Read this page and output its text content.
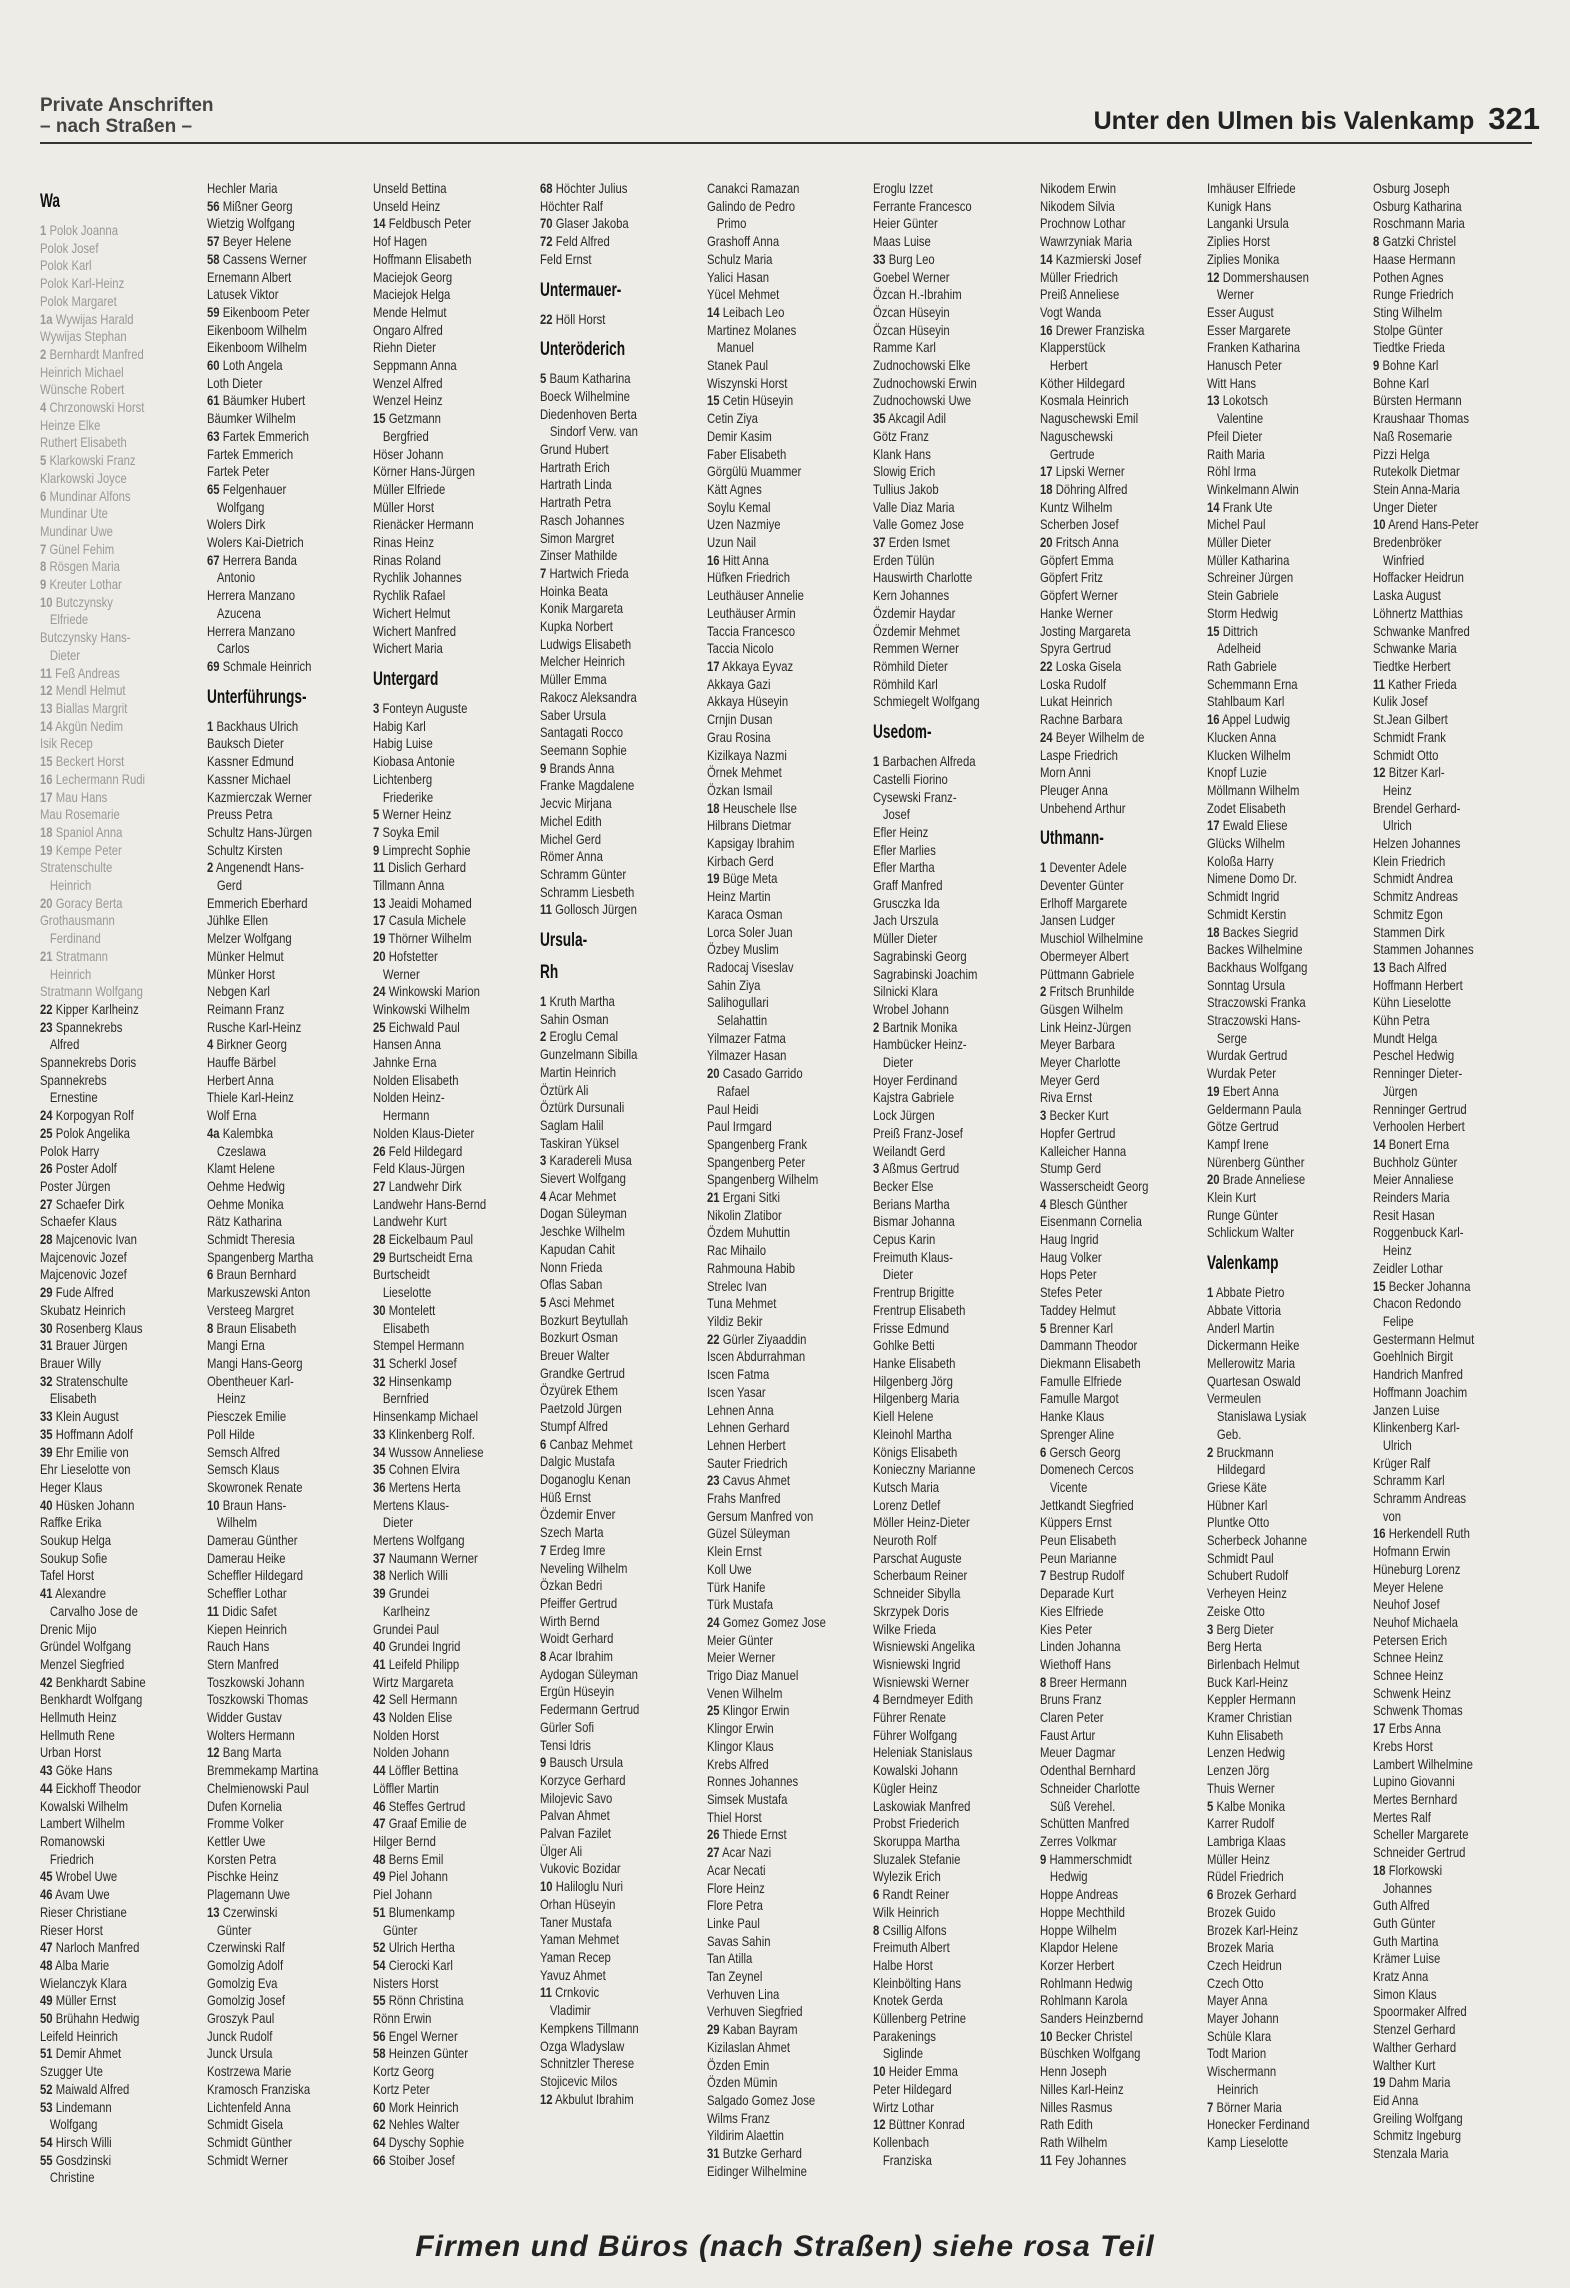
Private Anschriften
– nach Straßen –	Unter den Ulmen bis Valenkamp 321
Wa
1 Polok Joanna
Polok Josef
Polok Karl
Polok Karl-Heinz
Polok Margaret
1a Wywijas Harald
Wywijas Stephan
2 Bernhardt Manfred
Heinrich Michael
Wünsche Robert
4 Chrzonowski Horst
Heinze Elke
Ruthert Elisabeth
5 Klarkowski Franz
Klarkowski Joyce
6 Mundinar Alfons
Mundinar Ute
Mundinar Uwe
7 Günel Fehim
8 Rösgen Maria
9 Kreuter Lothar
10 Butczynsky
Elfriede
Butczynsky Hans-
Dieter
11 Feß Andreas
12 Mendl Helmut
13 Biallas Margrit
14 Akgün Nedim
Isik Recep
15 Beckert Horst
16 Lechermann Rudi
17 Mau Hans
Mau Rosemarie
18 Spaniol Anna
19 Kempe Peter
Stratenschulte
Heinrich
20 Goracy Berta
Grothausmann
Ferdinand
21 Stratmann
Heinrich
Stratmann Wolfgang
22 Kipper Karlheinz
23 Spannekrebs
Alfred
Spannekrebs Doris
Spannekrebs
Ernestine
24 Korpogyan Rolf
25 Polok Angelika
Polok Harry
26 Poster Adolf
Poster Jürgen
27 Schaefer Dirk
Schaefer Klaus
28 Majcenovic Ivan
Majcenovic Jozef
Majcenovic Jozef
29 Fude Alfred
Skubatz Heinrich
30 Rosenberg Klaus
31 Brauer Jürgen
Brauer Willy
32 Stratenschulte
Elisabeth
33 Klein August
35 Hoffmann Adolf
39 Ehr Emilie von
Ehr Lieselotte von
Heger Klaus
40 Hüsken Johann
Raffke Erika
Soukup Helga
Soukup Sofie
Tafel Horst
41 Alexandre
Carvalho Jose de
Drenic Mijo
Gründel Wolfgang
Menzel Siegfried
42 Benkhardt Sabine
Benkhardt Wolfgang
Hellmuth Heinz
Hellmuth Rene
Urban Horst
43 Göke Hans
44 Eickhoff Theodor
Kowalski Wilhelm
Lambert Wilhelm
Romanowski
Friedrich
45 Wrobel Uwe
46 Avam Uwe
Rieser Christiane
Rieser Horst
47 Narloch Manfred
48 Alba Marie
Wielanczyk Klara
49 Müller Ernst
50 Brühahn Hedwig
Leifeld Heinrich
51 Demir Ahmet
Szugger Ute
52 Maiwald Alfred
53 Lindemann
Wolfgang
54 Hirsch Willi
55 Gosdzinski
Christine
Hechler Maria
56 Mißner Georg
Wietzig Wolfgang
57 Beyer Helene
58 Cassens Werner
Ernemann Albert
Latusek Viktor
59 Eikenboom Peter
Eikenboom Wilhelm
Eikenboom Wilhelm
60 Loth Angela
Loth Dieter
61 Bäumker Hubert
Bäumker Wilhelm
63 Fartek Emmerich
Fartek Emmerich
Fartek Peter
65 Felgenhauer
Wolfgang
Wolers Dirk
Wolers Kai-Dietrich
67 Herrera Banda
Antonio
Herrera Manzano
Azucena
Herrera Manzano
Carlos
69 Schmale Heinrich
Unterführungs-
1 Backhaus Ulrich
Bauksch Dieter
Kassner Edmund
Kassner Michael
Kazmierczak Werner
Preuss Petra
Schultz Hans-Jürgen
Schultz Kirsten
2 Angenendt Hans-
Gerd
Emmerich Eberhard
Jühlke Ellen
Melzer Wolfgang
Münker Helmut
Münker Horst
Nebgen Karl
Reimann Franz
Rusche Karl-Heinz
4 Birkner Georg
Hauffe Bärbel
Herbert Anna
Thiele Karl-Heinz
Wolf Erna
4a Kalembka
Czeslawa
Klamt Helene
Oehme Hedwig
Oehme Monika
Rätz Katharina
Schmidt Theresia
Spangenberg Martha
6 Braun Bernhard
Markuszewski Anton
Versteeg Margret
8 Braun Elisabeth
Mangi Erna
Mangi Hans-Georg
Obentheuer Karl-
Heinz
Piesczek Emilie
Poll Hilde
Semsch Alfred
Semsch Klaus
Skowronek Renate
10 Braun Hans-
Wilhelm
Damerau Günther
Damerau Heike
Scheffler Hildegard
Scheffler Lothar
11 Didic Safet
Kiepen Heinrich
Rauch Hans
Stern Manfred
Toszkowski Johann
Toszkowski Thomas
Widder Gustav
Wolters Hermann
12 Bang Marta
Bremmekamp Martina
Chelmienowski Paul
Dufen Kornelia
Fromme Volker
Kettler Uwe
Korsten Petra
Pischke Heinz
Plagemann Uwe
13 Czerwinski
Günter
Czerwinski Ralf
Gomolzig Adolf
Gomolzig Eva
Gomolzig Josef
Groszyk Paul
Junck Rudolf
Junck Ursula
Kostrzewa Marie
Kramosch Franziska
Lichtenfeld Anna
Schmidt Gisela
Schmidt Günther
Schmidt Werner
Unseld Bettina
Unseld Heinz
14 Feldbusch Peter
Hof Hagen
Hoffmann Elisabeth
Maciejok Georg
Maciejok Helga
Mende Helmut
Ongaro Alfred
Riehn Dieter
Seppmann Anna
Wenzel Alfred
Wenzel Heinz
15 Getzmann
Bergfried
Höser Johann
Körner Hans-Jürgen
Müller Elfriede
Müller Horst
Rienäcker Hermann
Rinas Heinz
Rinas Roland
Rychlik Johannes
Rychlik Rafael
Wichert Helmut
Wichert Manfred
Wichert Maria
Untergard
3 Fonteyn Auguste
Habig Karl
Habig Luise
Kiobasa Antonie
Lichtenberg
Friederike
5 Werner Heinz
7 Soyka Emil
9 Limprecht Sophie
11 Dislich Gerhard
Tillmann Anna
13 Jeaidi Mohamed
17 Casula Michele
19 Thörner Wilhelm
20 Hofstetter
Werner
24 Winkowski Marion
Winkowski Wilhelm
25 Eichwald Paul
Hansen Anna
Jahnke Erna
Nolden Elisabeth
Nolden Heinz-
Hermann
Nolden Klaus-Dieter
26 Feld Hildegard
Feld Klaus-Jürgen
27 Landwehr Dirk
Landwehr Hans-Bernd
Landwehr Kurt
28 Eickelbaum Paul
29 Burtscheidt Erna
Burtscheidt
Lieselotte
30 Montelett
Elisabeth
Stempel Hermann
31 Scherkl Josef
32 Hinsenkamp
Bernfried
Hinsenkamp Michael
33 Klinkenberg Rolf.
34 Wussow Anneliese
35 Cohnen Elvira
36 Mertens Herta
Mertens Klaus-
Dieter
Mertens Wolfgang
37 Naumann Werner
38 Nerlich Willi
39 Grundei
Karlheinz
Grundei Paul
40 Grundei Ingrid
41 Leifeld Philipp
Wirtz Margareta
42 Sell Hermann
43 Nolden Elise
Nolden Horst
Nolden Johann
44 Löffler Bettina
Löffler Martin
46 Steffes Gertrud
47 Graaf Emilie de
Hilger Bernd
48 Berns Emil
49 Piel Johann
Piel Johann
51 Blumenkamp
Günter
52 Ulrich Hertha
54 Cierocki Karl
Nisters Horst
55 Rönn Christina
Rönn Erwin
56 Engel Werner
58 Heinzen Günter
Kortz Georg
Kortz Peter
60 Mork Heinrich
62 Nehles Walter
64 Dyschy Sophie
66 Stoiber Josef
68 Höchter Julius
Höchter Ralf
70 Glaser Jakoba
72 Feld Alfred
Feld Ernst
Untermauer-
22 Höll Horst
Unteröderich
5 Baum Katharina
Boeck Wilhelmine
Diedenhoven Berta
Sindorf Verw. van
Grund Hubert
Hartrath Erich
Hartrath Linda
Hartrath Petra
Rasch Johannes
Simon Margret
Zinser Mathilde
7 Hartwich Frieda
Hoinka Beata
Konik Margareta
Kupka Norbert
Ludwigs Elisabeth
Melcher Heinrich
Müller Emma
Rakocz Aleksandra
Saber Ursula
Santagati Rocco
Seemann Sophie
9 Brands Anna
Franke Magdalene
Jecvic Mirjana
Michel Edith
Michel Gerd
Römer Anna
Schramm Günter
Schramm Liesbeth
11 Gollosch Jürgen
Ursula-
Rh
1 Kruth Martha
Sahin Osman
2 Eroglu Cemal
Gunzelmann Sibilla
Martin Heinrich
Öztürk Ali
Öztürk Dursunali
Saglam Halil
Taskiran Yüksel
3 Karadereli Musa
Sievert Wolfgang
4 Acar Mehmet
Dogan Süleyman
Jeschke Wilhelm
Kapudan Cahit
Nonn Frieda
Oflas Saban
5 Asci Mehmet
Bozkurt Beytullah
Bozkurt Osman
Breuer Walter
Grandke Gertrud
Özyürek Ethem
Paetzold Jürgen
Stumpf Alfred
6 Canbaz Mehmet
Dalgic Mustafa
Doganoglu Kenan
Hüß Ernst
Özdemir Enver
Szech Marta
7 Erdeg Imre
Neveling Wilhelm
Özkan Bedri
Pfeiffer Gertrud
Wirth Bernd
Woidt Gerhard
8 Acar Ibrahim
Aydogan Süleyman
Ergün Hüseyin
Federmann Gertrud
Gürler Sofi
Tensi Idris
9 Bausch Ursula
Korzyce Gerhard
Milojevic Savo
Palvan Ahmet
Palvan Fazilet
Ülger Ali
Vukovic Bozidar
10 Haliloglu Nuri
Orhan Hüseyin
Taner Mustafa
Yaman Mehmet
Yaman Recep
Yavuz Ahmet
11 Crnkovic
Vladimir
Kempkens Tillmann
Ozga Wladyslaw
Schnitzler Therese
Stojicevic Milos
12 Akbulut Ibrahim
Canakci Ramazan
Galindo de Pedro
Primo
Grashoff Anna
Schulz Maria
Yalici Hasan
Yücel Mehmet
14 Leibach Leo
Martinez Molanes
Manuel
Stanek Paul
Wiszynski Horst
15 Cetin Hüseyin
Cetin Ziya
Demir Kasim
Faber Elisabeth
Görgülü Muammer
Kätt Agnes
Soylu Kemal
Uzen Nazmiye
Uzun Nail
16 Hitt Anna
Hüfken Friedrich
Leuthäuser Annelie
Leuthäuser Armin
Taccia Francesco
Taccia Nicolo
17 Akkaya Eyvaz
Akkaya Gazi
Akkaya Hüseyin
Crnjin Dusan
Grau Rosina
Kizilkaya Nazmi
Örnek Mehmet
Özkan Ismail
18 Heuschele Ilse
Hilbrans Dietmar
Kapsigay Ibrahim
Kirbach Gerd
19 Büge Meta
Heinz Martin
Karaca Osman
Lorca Soler Juan
Özbey Muslim
Radocaj Viseslav
Sahin Ziya
Salihogullari
Selahattin
Yilmazer Fatma
Yilmazer Hasan
20 Casado Garrido
Rafael
Paul Heidi
Paul Irmgard
Spangenberg Frank
Spangenberg Peter
Spangenberg Wilhelm
21 Ergani Sitki
Nikolin Zlatibor
Özdem Muhuttin
Rac Mihailo
Rahmouna Habib
Strelec Ivan
Tuna Mehmet
Yildiz Bekir
22 Gürler Ziyaaddin
Iscen Abdurrahman
Iscen Fatma
Iscen Yasar
Lehnen Anna
Lehnen Gerhard
Lehnen Herbert
Sauter Friedrich
23 Cavus Ahmet
Frahs Manfred
Gersum Manfred von
Güzel Süleyman
Klein Ernst
Koll Uwe
Türk Hanife
Türk Mustafa
24 Gomez Gomez Jose
Meier Günter
Meier Werner
Trigo Diaz Manuel
Venen Wilhelm
25 Klingor Erwin
Klingor Erwin
Klingor Klaus
Krebs Alfred
Ronnes Johannes
Simsek Mustafa
Thiel Horst
26 Thiede Ernst
27 Acar Nazi
Acar Necati
Flore Heinz
Flore Petra
Linke Paul
Savas Sahin
Tan Atilla
Tan Zeynel
Verhuven Lina
Verhuven Siegfried
29 Kaban Bayram
Kizilaslan Ahmet
Özden Emin
Özden Mümin
Salgado Gomez Jose
Wilms Franz
Yildirim Alaettin
31 Butzke Gerhard
Eidinger Wilhelmine
Eroglu Izzet
Ferrante Francesco
Heier Günter
Maas Luise
33 Burg Leo
Goebel Werner
Özcan H.-Ibrahim
Özcan Hüseyin
Özcan Hüseyin
Ramme Karl
Zudnochowski Elke
Zudnochowski Erwin
Zudnochowski Uwe
35 Akcagil Adil
Götz Franz
Klank Hans
Slowig Erich
Tullius Jakob
Valle Diaz Maria
Valle Gomez Jose
37 Erden Ismet
Erden Tülün
Hauswirth Charlotte
Kern Johannes
Özdemir Haydar
Özdemir Mehmet
Remmen Werner
Römhild Dieter
Römhild Karl
Schmiegelt Wolfgang
Usedom-
1 Barbachen Alfreda
Castelli Fiorino
Cysewski Franz-
Josef
Efler Heinz
Efler Marlies
Efler Martha
Graff Manfred
Grusczka Ida
Jach Urszula
Müller Dieter
Sagrabinski Georg
Sagrabinski Joachim
Silnicki Klara
Wrobel Johann
2 Bartnik Monika
Hambücker Heinz-
Dieter
Hoyer Ferdinand
Kajstra Gabriele
Lock Jürgen
Preiß Franz-Josef
Weilandt Gerd
3 Aßmus Gertrud
Becker Else
Berians Martha
Bismar Johanna
Cepus Karin
Freimuth Klaus-
Dieter
Frentrup Brigitte
Frentrup Elisabeth
Frisse Edmund
Gohlke Betti
Hanke Elisabeth
Hilgenberg Jörg
Hilgenberg Maria
Kiell Helene
Kleinohl Martha
Königs Elisabeth
Konieczny Marianne
Kutsch Maria
Lorenz Detlef
Möller Heinz-Dieter
Neuroth Rolf
Parschat Auguste
Scherbaum Reiner
Schneider Sibylla
Skrzypek Doris
Wilke Frieda
Wisniewski Angelika
Wisniewski Ingrid
Wisniewski Werner
4 Berndmeyer Edith
Führer Renate
Führer Wolfgang
Heleniak Stanislaus
Kowalski Johann
Kügler Heinz
Laskowiak Manfred
Probst Friederich
Skoruppa Martha
Sluzalek Stefanie
Wylezik Erich
6 Randt Reiner
Wilk Heinrich
8 Csillig Alfons
Freimuth Albert
Halbe Horst
Kleinbölting Hans
Knotek Gerda
Küllenberg Petrine
Parakenings
Siglinde
10 Heider Emma
Peter Hildegard
Wirtz Lothar
12 Büttner Konrad
Kollenbach
Franziska
Nikodem Erwin
Nikodem Silvia
Prochnow Lothar
Wawrzyniak Maria
14 Kazmierski Josef
Müller Friedrich
Preiß Anneliese
Vogt Wanda
16 Drewer Franziska
Klapperstück
Herbert
Köther Hildegard
Kosmala Heinrich
Naguschewski Emil
Naguschewski
Gertrude
17 Lipski Werner
18 Döhring Alfred
Kuntz Wilhelm
Scherben Josef
20 Fritsch Anna
Göpfert Emma
Göpfert Fritz
Göpfert Werner
Hanke Werner
Josting Margareta
Spyra Gertrud
22 Loska Gisela
Loska Rudolf
Lukat Heinrich
Rachne Barbara
24 Beyer Wilhelm de
Laspe Friedrich
Morn Anni
Pleuger Anna
Unbehend Arthur
Uthmann-
1 Deventer Adele
Deventer Günter
Erlhoff Margarete
Jansen Ludger
Muschiol Wilhelmine
Obermeyer Albert
Püttmann Gabriele
2 Fritsch Brunhilde
Güsgen Wilhelm
Link Heinz-Jürgen
Meyer Barbara
Meyer Charlotte
Meyer Gerd
Riva Ernst
3 Becker Kurt
Hopfer Gertrud
Kalleicher Hanna
Stump Gerd
Wasserscheidt Georg
4 Blesch Günther
Eisenmann Cornelia
Haug Ingrid
Haug Volker
Hops Peter
Stefes Peter
Taddey Helmut
5 Brenner Karl
Dammann Theodor
Diekmann Elisabeth
Famulle Elfriede
Famulle Margot
Hanke Klaus
Sprenger Aline
6 Gersch Georg
Domenech Cercos
Vicente
Jettkandt Siegfried
Küppers Ernst
Peun Elisabeth
Peun Marianne
7 Bestrup Rudolf
Deparade Kurt
Kies Elfriede
Kies Peter
Linden Johanna
Wiethoff Hans
8 Breer Hermann
Bruns Franz
Claren Peter
Faust Artur
Meuer Dagmar
Odenthal Bernhard
Schneider Charlotte
Süß Verehel.
Schütten Manfred
Zerres Volkmar
9 Hammerschmidt
Hedwig
Hoppe Andreas
Hoppe Mechthild
Hoppe Wilhelm
Klapdor Helene
Korzer Herbert
Rohlmann Hedwig
Rohlmann Karola
Sanders Heinzbernd
10 Becker Christel
Büschken Wolfgang
Henn Joseph
Nilles Karl-Heinz
Nilles Rasmus
Rath Edith
Rath Wilhelm
11 Fey Johannes
Imhäuser Elfriede
Kunigk Hans
Langanki Ursula
Ziplies Horst
Ziplies Monika
12 Dommershausen
Werner
Esser August
Esser Margarete
Franken Katharina
Hanusch Peter
Witt Hans
13 Lokotsch
Valentine
Pfeil Dieter
Raith Maria
Röhl Irma
Winkelmann Alwin
14 Frank Ute
Michel Paul
Müller Dieter
Müller Katharina
Schreiner Jürgen
Stein Gabriele
Storm Hedwig
15 Dittrich
Adelheid
Rath Gabriele
Schemmann Erna
Stahlbaum Karl
16 Appel Ludwig
Klucken Anna
Klucken Wilhelm
Knopf Luzie
Möllmann Wilhelm
Zodet Elisabeth
17 Ewald Eliese
Glücks Wilhelm
Koloßa Harry
Nimene Domo Dr.
Schmidt Ingrid
Schmidt Kerstin
18 Backes Siegrid
Backes Wilhelmine
Backhaus Wolfgang
Sonntag Ursula
Straczowski Franka
Straczowski Hans-
Serge
Wurdak Gertrud
Wurdak Peter
19 Ebert Anna
Geldermann Paula
Götze Gertrud
Kampf Irene
Nürenberg Günther
20 Brade Anneliese
Klein Kurt
Runge Günter
Schlickum Walter
Valenkamp
1 Abbate Pietro
Abbate Vittoria
Anderl Martin
Dickermann Heike
Mellerowitz Maria
Quartesan Oswald
Vermeulen
Stanislawa Lysiak
Geb.
2 Bruckmann
Hildegard
Griese Käte
Hübner Karl
Pluntke Otto
Scherbeck Johanne
Schmidt Paul
Schubert Rudolf
Verheyen Heinz
Zeiske Otto
3 Berg Dieter
Berg Herta
Birlenbach Helmut
Buck Karl-Heinz
Keppler Hermann
Kramer Christian
Kuhn Elisabeth
Lenzen Hedwig
Lenzen Jörg
Thuis Werner
5 Kalbe Monika
Karrer Rudolf
Lambriga Klaas
Müller Heinz
Rüdel Friedrich
6 Brozek Gerhard
Brozek Guido
Brozek Karl-Heinz
Brozek Maria
Czech Heidrun
Czech Otto
Mayer Anna
Mayer Johann
Schüle Klara
Todt Marion
Wischermann
Heinrich
7 Börner Maria
Honecker Ferdinand
Kamp Lieselotte
Osburg Joseph
Osburg Katharina
Roschmann Maria
8 Gatzki Christel
Haase Hermann
Pothen Agnes
Runge Friedrich
Sting Wilhelm
Stolpe Günter
Tiedtke Frieda
9 Bohne Karl
Bohne Karl
Bürsten Hermann
Kraushaar Thomas
Naß Rosemarie
Pizzi Helga
Rutekolk Dietmar
Stein Anna-Maria
Unger Dieter
10 Arend Hans-Peter
Bredenbröker
Winfried
Hoffacker Heidrun
Laska August
Löhnertz Matthias
Schwanke Manfred
Schwanke Maria
Tiedtke Herbert
11 Kather Frieda
Kulik Josef
St.Jean Gilbert
Schmidt Frank
Schmidt Otto
12 Bitzer Karl-
Heinz
Brendel Gerhard-
Ulrich
Helzen Johannes
Klein Friedrich
Schmidt Andrea
Schmitz Andreas
Schmitz Egon
Stammen Dirk
Stammen Johannes
13 Bach Alfred
Hoffmann Herbert
Kühn Lieselotte
Kühn Petra
Mundt Helga
Peschel Hedwig
Renninger Dieter-
Jürgen
Renninger Gertrud
Verhoolen Herbert
14 Bonert Erna
Buchholz Günter
Meier Annaliese
Reinders Maria
Resit Hasan
Roggenbuck Karl-
Heinz
Zeidler Lothar
15 Becker Johanna
Chacon Redondo
Felipe
Gestermann Helmut
Goehlnich Birgit
Handrich Manfred
Hoffmann Joachim
Janzen Luise
Klinkenberg Karl-
Ulrich
Krüger Ralf
Schramm Karl
Schramm Andreas
von
16 Herkendell Ruth
Hofmann Erwin
Hüneburg Lorenz
Meyer Helene
Neuhof Josef
Neuhof Michaela
Petersen Erich
Schnee Heinz
Schnee Heinz
Schwenk Heinz
Schwenk Thomas
17 Erbs Anna
Krebs Horst
Lambert Wilhelmine
Lupino Giovanni
Mertes Bernhard
Mertes Ralf
Scheller Margarete
Schneider Gertrud
18 Florkowski
Johannes
Guth Alfred
Guth Günter
Guth Martina
Krämer Luise
Kratz Anna
Simon Klaus
Spoormaker Alfred
Stenzel Gerhard
Walther Gerhard
Walther Kurt
19 Dahm Maria
Eid Anna
Greiling Wolfgang
Schmitz Ingeburg
Stenzala Maria
Firmen und Büros (nach Straßen) siehe rosa Teil
